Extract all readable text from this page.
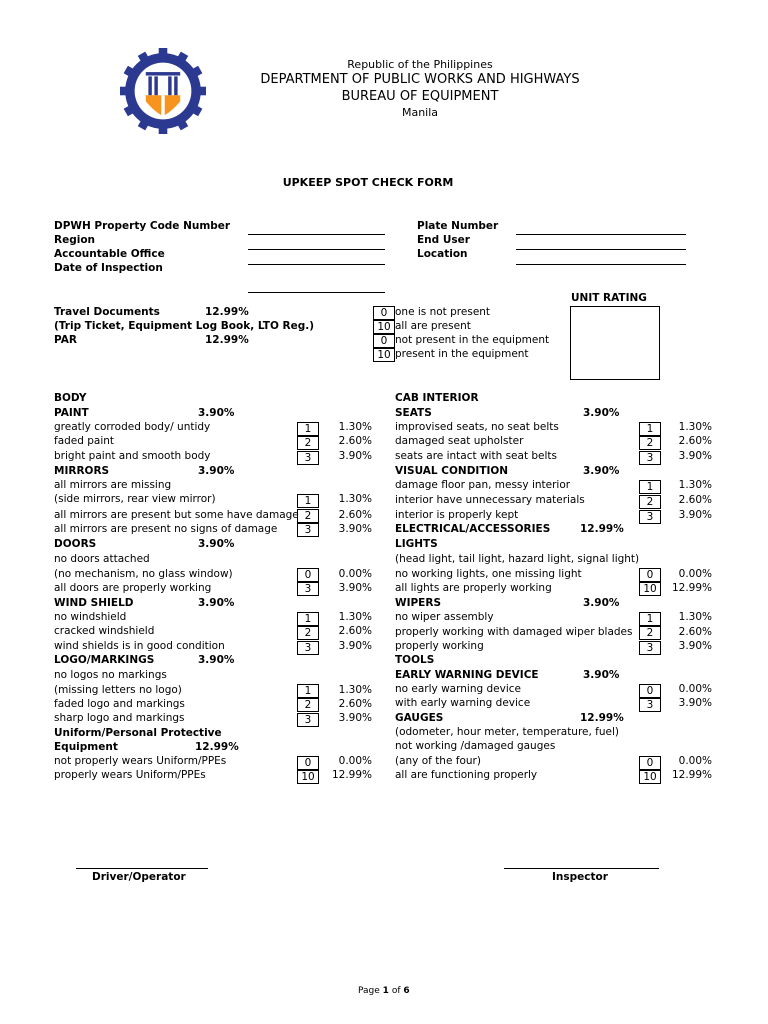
Republic of the Philippines
DEPARTMENT OF PUBLIC WORKS AND HIGHWAYS
BUREAU OF EQUIPMENT
Manila
UPKEEP SPOT CHECK FORM
DPWH Property Code Number
Region
Accountable Office
Date of Inspection
Plate Number
End User
Location
UNIT RATING
Travel Documents	12.99%
(Trip Ticket, Equipment Log Book, LTO Reg.)
PAR	12.99%
0 one is not present
10 all are present
0 not present in the equipment
10 present in the equipment
BODY
PAINT	3.90%
greatly corroded body/ untidy	1	1.30%
faded paint	2	2.60%
bright paint and smooth body	3	3.90%
MIRRORS	3.90%
all mirrors are missing
(side mirrors, rear view mirror)	1	1.30%
all mirrors are present but some have damage 2	2.60%
all mirrors are present no signs of damage	3	3.90%
DOORS	3.90%
no doors attached
(no mechanism, no glass window)	0	0.00%
all doors are properly working	3	3.90%
WIND SHIELD	3.90%
no windshield	1	1.30%
cracked windshield	2	2.60%
wind shields is in good condition	3	3.90%
LOGO/MARKINGS	3.90%
no logos no markings
(missing letters no logo)	1	1.30%
faded logo and markings	2	2.60%
sharp logo and markings	3	3.90%
Uniform/Personal Protective
Equipment	12.99%
not properly wears Uniform/PPEs	0	0.00%
properly wears Uniform/PPEs	10	12.99%
CAB INTERIOR
SEATS	3.90%
improvised seats, no seat belts	1	1.30%
damaged seat upholster	2	2.60%
seats are intact with seat belts	3	3.90%
VISUAL CONDITION	3.90%
damage floor pan, messy interior	1	1.30%
interior have unnecessary materials	2	2.60%
interior is properly kept	3	3.90%
ELECTRICAL/ACCESSORIES	12.99%
LIGHTS
(head light, tail light, hazard light, signal light)
no working lights, one missing light	0	0.00%
all lights are properly working	10	12.99%
WIPERS	3.90%
no wiper assembly	1	1.30%
properly working with damaged wiper blades	2	2.60%
properly working	3	3.90%
TOOLS
EARLY WARNING DEVICE	3.90%
no early warning device	0	0.00%
with early warning device	3	3.90%
GAUGES	12.99%
(odometer, hour meter, temperature, fuel)
not working /damaged gauges
(any of the four)	0	0.00%
all are functioning properly	10	12.99%
Driver/Operator	Inspector
Page 1 of 6
